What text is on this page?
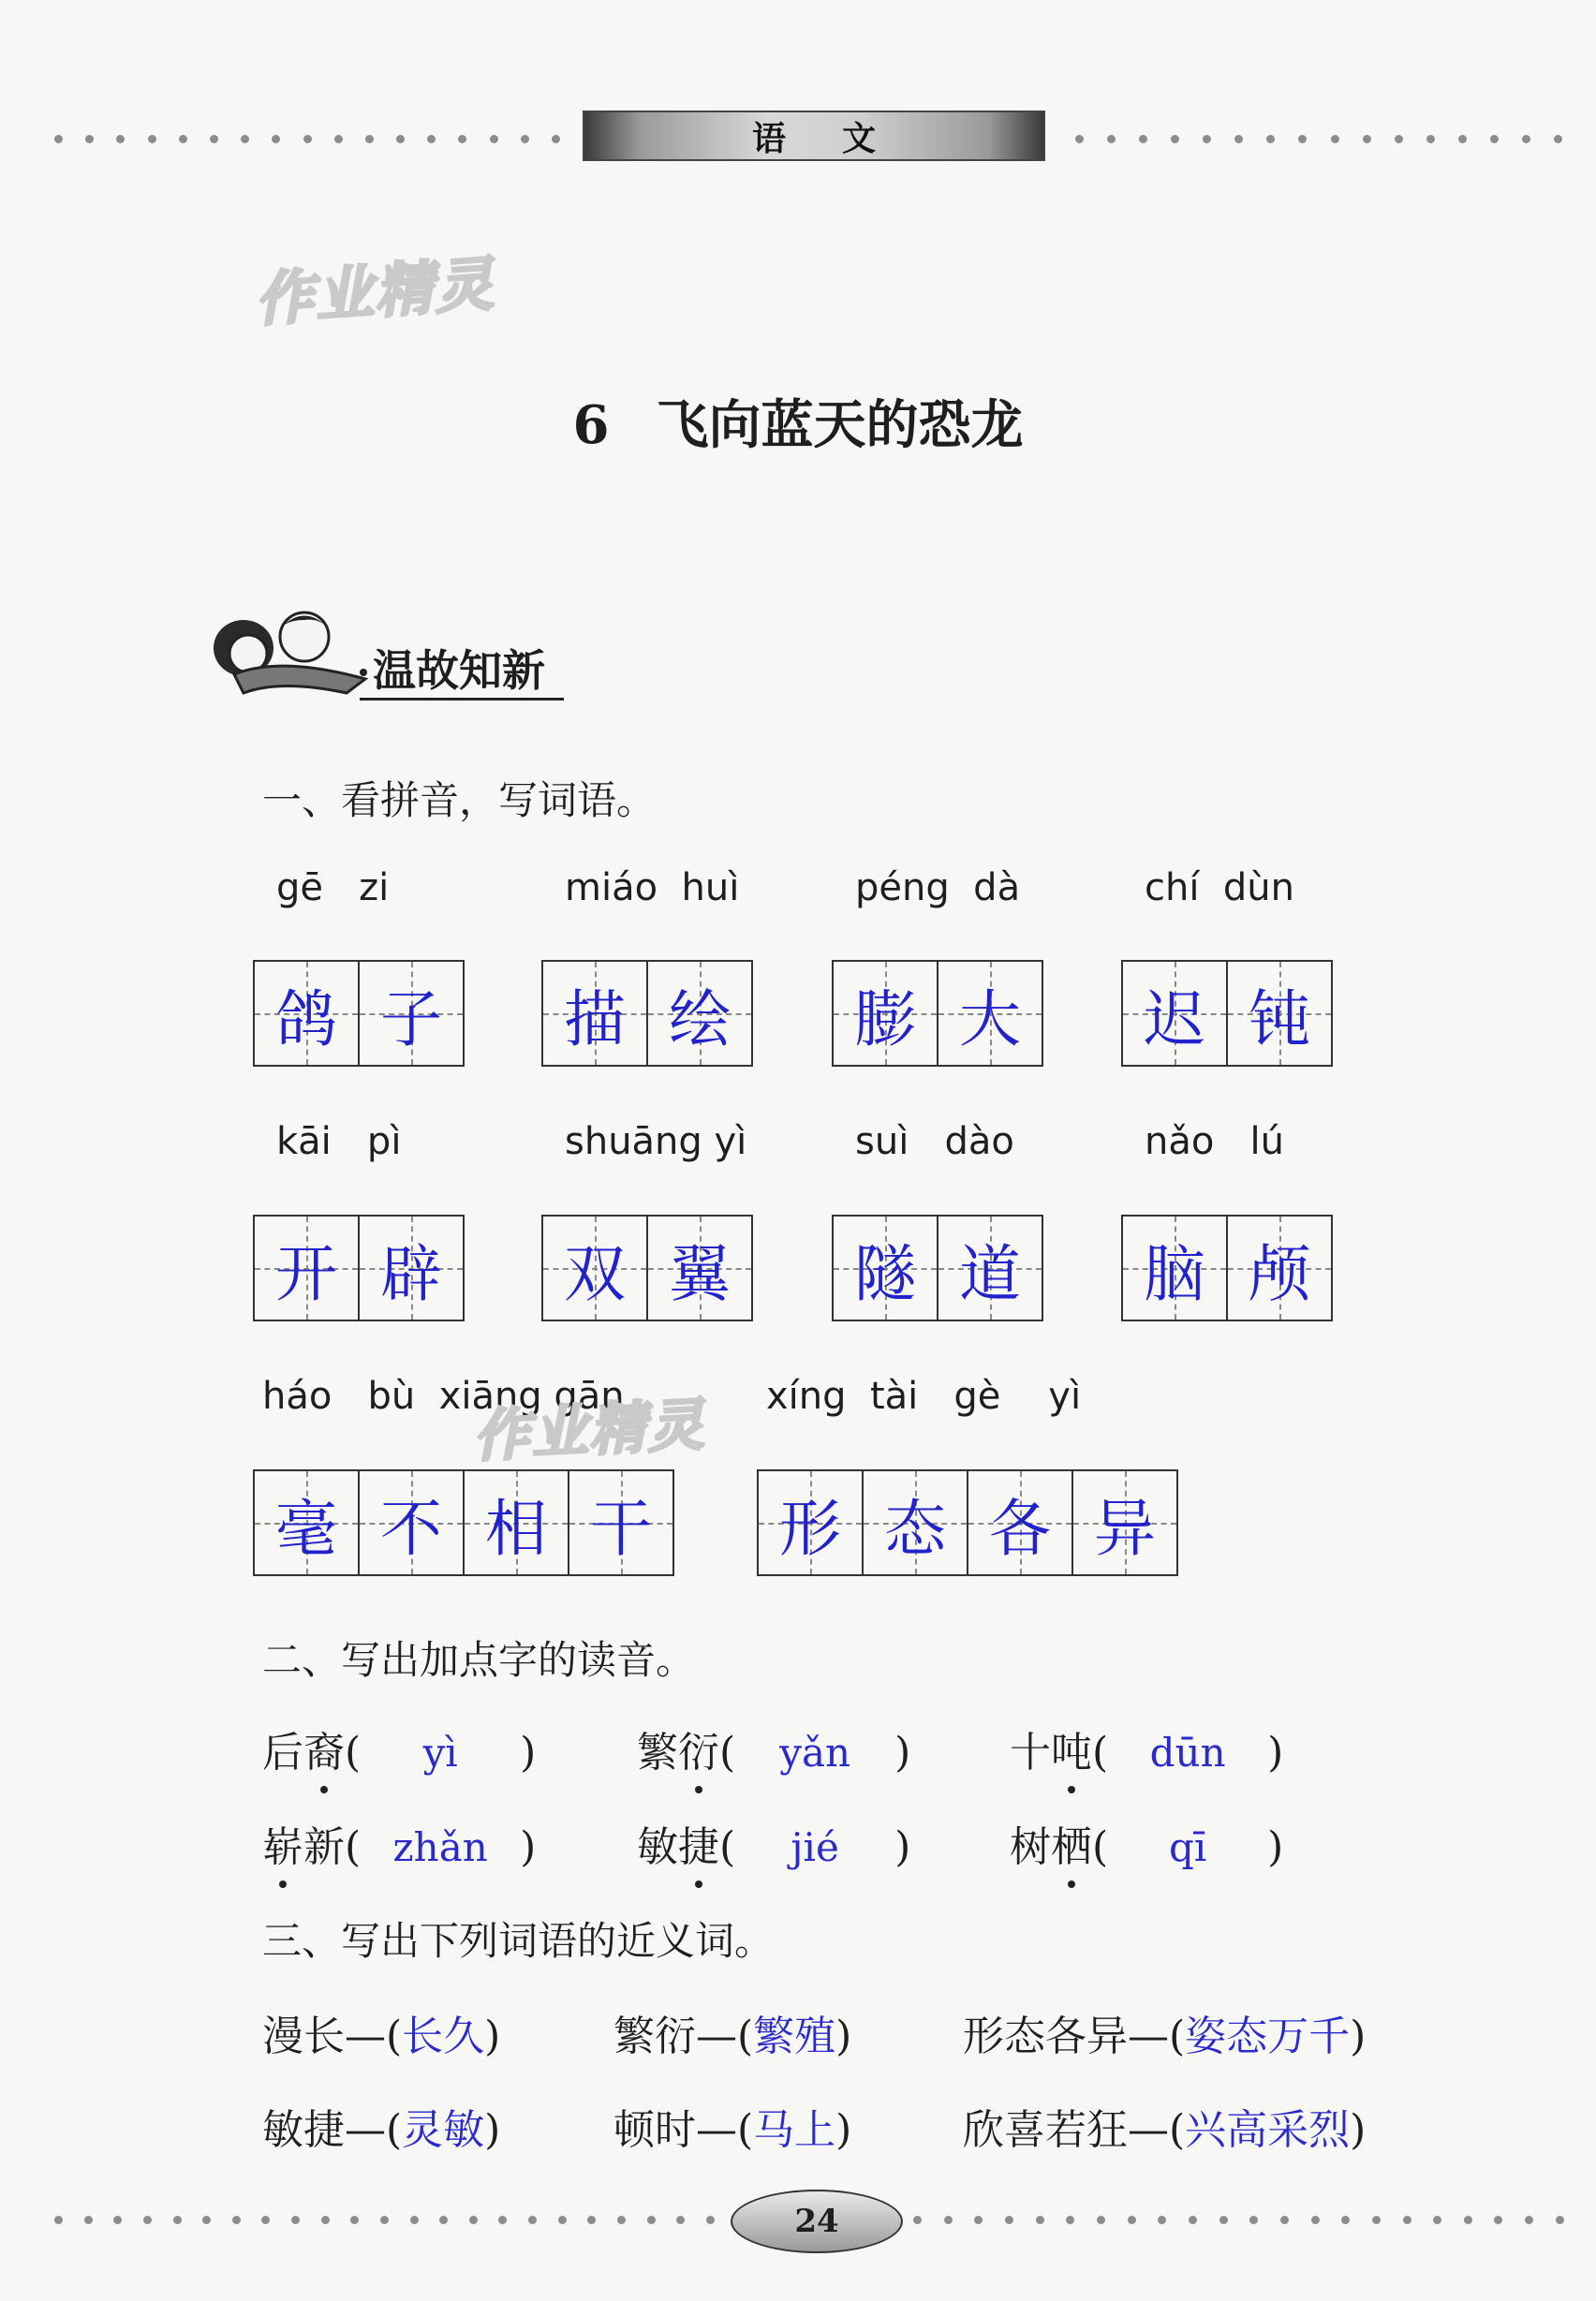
语文
作业精灵
6 飞向蓝天的恐龙
温故知新
一、看拼音，写词语。
gē   zi
鸽 子
miáo  huì
描 绘
péng  dà
膨 大
chí  dùn
迟 钝
kāi   pì
开 辟
shuāng yì
双 翼
suì   dào
隧 道
nǎo   lú
脑 颅
háo   bù  xiāng gān
毫 不 相 干
xíng  tài   gè    yì
形 态 各 异
二、写出加点字的读音。
后裔( yì ) 繁衍( yǎn ) 十吨( dūn )
崭新( zhǎn ) 敏捷( jié ) 树栖( qī )
三、写出下列词语的近义词。
漫长—(长久)	繁衍—(繁殖)	形态各异—(姿态万千)
敏捷—(灵敏)	顿时—(马上)	欣喜若狂—(兴高采烈)
24
作业精灵
